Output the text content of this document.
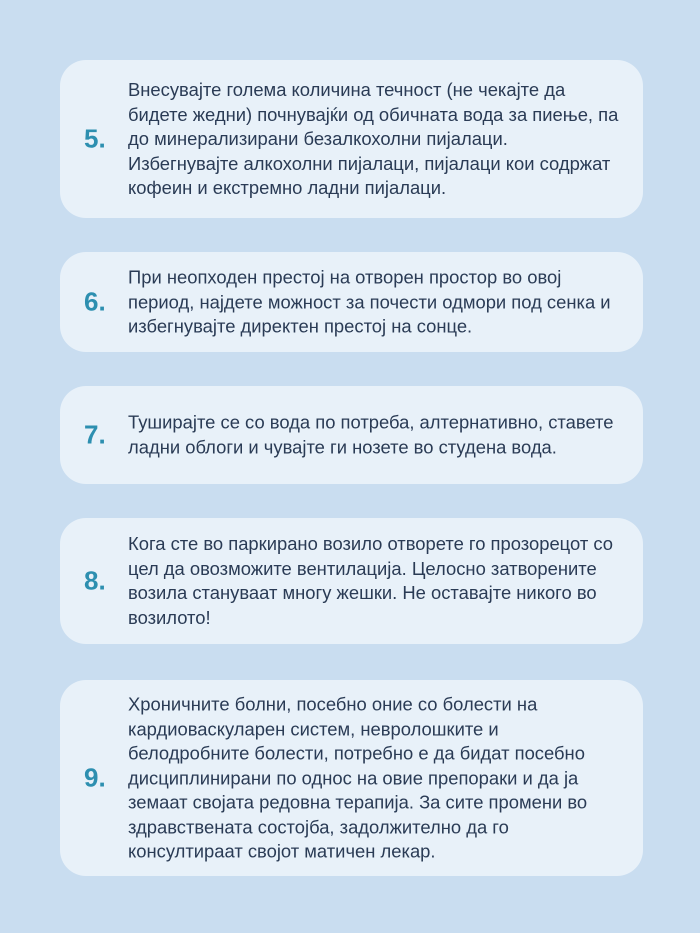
5.
Внесувајте голема количина течност (не чекајте да бидете жедни) почнувајќи од обичната вода за пиење, па до минерализирани безалкохолни пијалаци. Избегнувајте алкохолни пијалаци, пијалаци кои содржат кофеин и екстремно ладни пијалаци.
6.
При неопходен престој на отворен простор во овој период, најдете можност за почести одмори под сенка и избегнувајте директен престој на сонце.
7. Туширајте се со вода по потреба, алтернативно, ставете ладни облоги и чувајте ги нозете во студена вода.
8.
Кога сте во паркирано возило отворете го прозорецот со цел да овозможите вентилација. Целосно затворените возила стануваат многу жешки. Не оставајте никого во возилото!
9.
Хроничните болни, посебно оние со болести на кардиоваскуларен систем, невролошките и белодробните болести, потребно е да бидат посебно дисциплинирани по однос на овие препораки и да ја земаат својата редовна терапија. За сите промени во здравствената состојба, задолжително да го консултираат својот матичен лекар.
